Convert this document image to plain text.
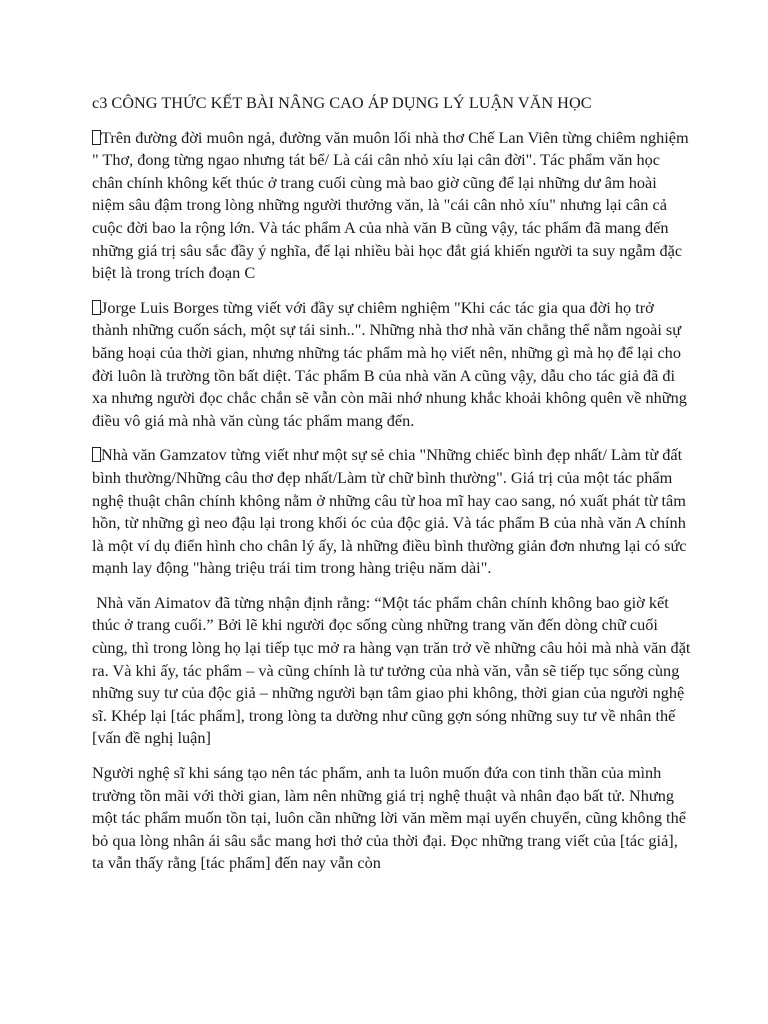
c3 CÔNG THỨC KẾT BÀI NÂNG CAO ÁP DỤNG LÝ LUẬN VĂN HỌC

Trên đường đời muôn ngả, đường văn muôn lối nhà thơ Chế Lan Viên từng chiêm nghiệm " Thơ, đong từng ngao nhưng tát bể/ Là cái cân nhỏ xíu lại cân đời". Tác phẩm văn học chân chính không kết thúc ở trang cuối cùng mà bao giờ cũng để lại những dư âm hoài niệm sâu đậm trong lòng những người thưởng văn, là "cái cân nhỏ xíu" nhưng lại cân cả cuộc đời bao la rộng lớn. Và tác phẩm A của nhà văn B cũng vậy, tác phẩm đã mang đến những giá trị sâu sắc đầy ý nghĩa, để lại nhiều bài học đắt giá khiến người ta suy ngẫm đặc biệt là trong trích đoạn C

Jorge Luis Borges từng viết với đầy sự chiêm nghiệm "Khi các tác gia qua đời họ trở thành những cuốn sách, một sự tái sinh..". Những nhà thơ nhà văn chẳng thể nằm ngoài sự băng hoại của thời gian, nhưng những tác phẩm mà họ viết nên, những gì mà họ để lại cho đời luôn là trường tồn bất diệt. Tác phẩm B của nhà văn A cũng vậy, dẫu cho tác giả đã đi xa nhưng người đọc chắc chắn sẽ vẫn còn mãi nhớ nhung khắc khoải không quên về những điều vô giá mà nhà văn cùng tác phẩm mang đến.

Nhà văn Gamzatov từng viết như một sự sẻ chia "Những chiếc bình đẹp nhất/ Làm từ đất bình thường/Những câu thơ đẹp nhất/Làm từ chữ bình thường". Giá trị của một tác phẩm nghệ thuật chân chính không nằm ở những câu từ hoa mĩ hay cao sang, nó xuất phát từ tâm hồn, từ những gì neo đậu lại trong khối óc của độc giả. Và tác phẩm B của nhà văn A chính là một ví dụ điển hình cho chân lý ấy, là những điều bình thường giản đơn nhưng lại có sức mạnh lay động "hàng triệu trái tim trong hàng triệu năm dài".

Nhà văn Aimatov đã từng nhận định rằng: “Một tác phẩm chân chính không bao giờ kết thúc ở trang cuối.” Bởi lẽ khi người đọc sống cùng những trang văn đến dòng chữ cuối cùng, thì trong lòng họ lại tiếp tục mở ra hàng vạn trăn trở về những câu hỏi mà nhà văn đặt ra. Và khi ấy, tác phẩm – và cũng chính là tư tưởng của nhà văn, vẫn sẽ tiếp tục sống cùng những suy tư của độc giả – những người bạn tâm giao phi không, thời gian của người nghệ sĩ. Khép lại [tác phẩm], trong lòng ta dường như cũng gợn sóng những suy tư về nhân thế [vấn đề nghị luận]

Người nghệ sĩ khi sáng tạo nên tác phẩm, anh ta luôn muốn đứa con tinh thần của mình trường tồn mãi với thời gian, làm nên những giá trị nghệ thuật và nhân đạo bất tử. Nhưng một tác phẩm muốn tồn tại, luôn cần những lời văn mềm mại uyển chuyển, cũng không thể bỏ qua lòng nhân ái sâu sắc mang hơi thở của thời đại. Đọc những trang viết của [tác giả], ta vẫn thấy rằng [tác phẩm] đến nay vẫn còn
